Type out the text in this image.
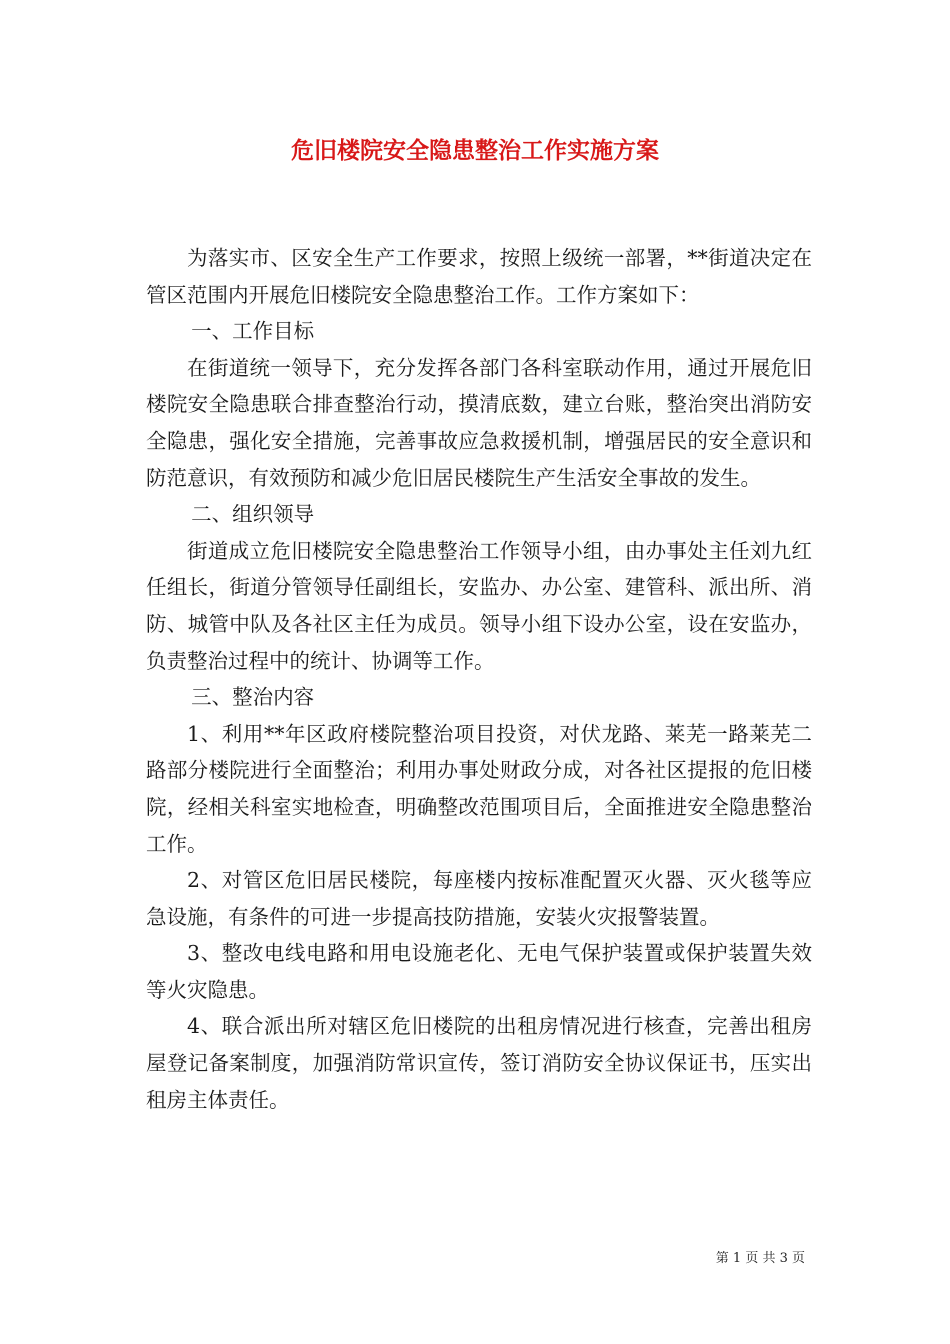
危旧楼院安全隐患整治工作实施方案

为落实市、区安全生产工作要求，按照上级统一部署，**街道决定在管区范围内开展危旧楼院安全隐患整治工作。工作方案如下：

一、工作目标

在街道统一领导下，充分发挥各部门各科室联动作用，通过开展危旧楼院安全隐患联合排查整治行动，摸清底数，建立台账，整治突出消防安全隐患，强化安全措施，完善事故应急救援机制，增强居民的安全意识和防范意识，有效预防和减少危旧居民楼院生产生活安全事故的发生。

二、组织领导

街道成立危旧楼院安全隐患整治工作领导小组，由办事处主任刘九红任组长，街道分管领导任副组长，安监办、办公室、建管科、派出所、消防、城管中队及各社区主任为成员。领导小组下设办公室，设在安监办，负责整治过程中的统计、协调等工作。

三、整治内容

1、利用**年区政府楼院整治项目投资，对伏龙路、莱芜一路莱芜二路部分楼院进行全面整治；利用办事处财政分成，对各社区提报的危旧楼院，经相关科室实地检查，明确整改范围项目后，全面推进安全隐患整治工作。

2、对管区危旧居民楼院，每座楼内按标准配置灭火器、灭火毯等应急设施，有条件的可进一步提高技防措施，安装火灾报警装置。

3、整改电线电路和用电设施老化、无电气保护装置或保护装置失效等火灾隐患。

4、联合派出所对辖区危旧楼院的出租房情况进行核查，完善出租房屋登记备案制度，加强消防常识宣传，签订消防安全协议保证书，压实出租房主体责任。

第 1 页 共 3 页
